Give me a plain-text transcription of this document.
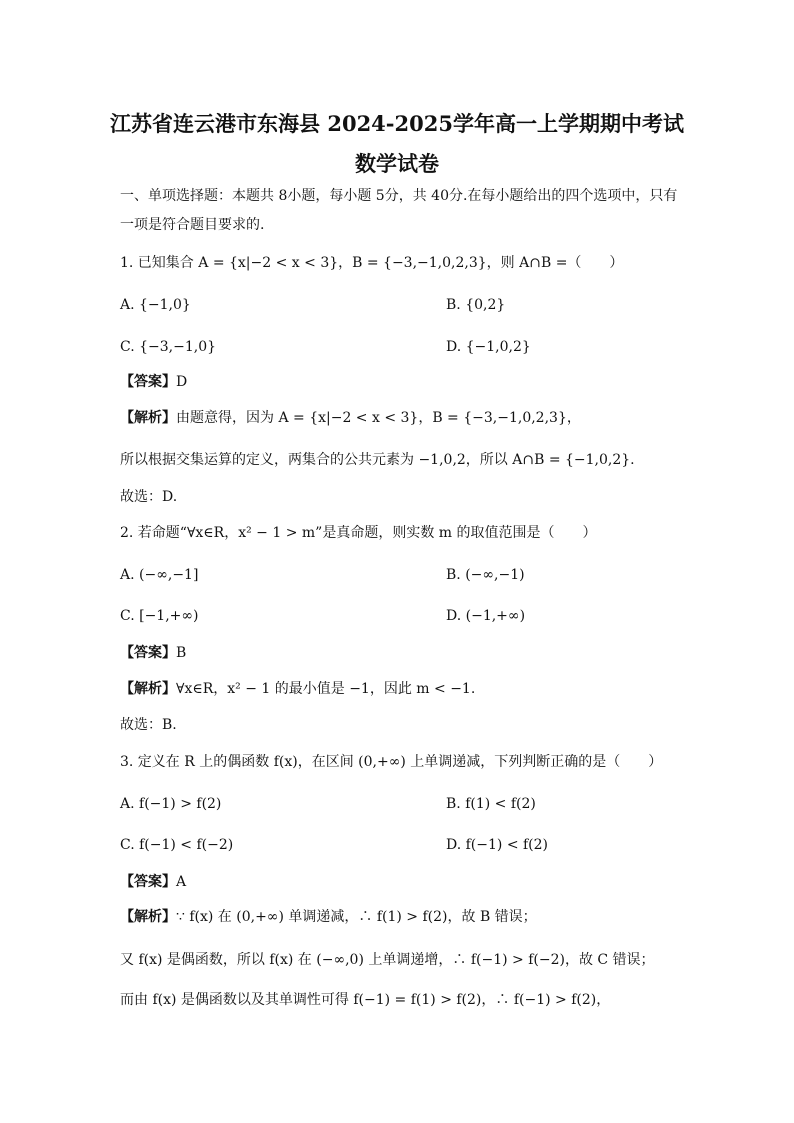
江苏省连云港市东海县 2024-2025学年高一上学期期中考试
数学试卷
一、单项选择题：本题共 8小题，每小题 5分，共 40分.在每小题给出的四个选项中，只有
一项是符合题目要求的.
1. 已知集合 A = {x|−2 < x < 3}，B = {−3,−1,0,2,3}，则 A∩B =（　　）
A. {−1,0}	B. {0,2}
C. {−3,−1,0}	D. {−1,0,2}
【答案】D
【解析】由题意得，因为 A = {x|−2 < x < 3}，B = {−3,−1,0,2,3}，
所以根据交集运算的定义，两集合的公共元素为 −1,0,2，所以 A∩B = {−1,0,2}.
故选：D.
2. 若命题“∀x∈R，x² − 1 > m”是真命题，则实数 m 的取值范围是（　　）
A. (−∞,−1]	B. (−∞,−1)
C. [−1,+∞)	D. (−1,+∞)
【答案】B
【解析】∀x∈R，x² − 1 的最小值是 −1，因此 m < −1.
故选：B.
3. 定义在 R 上的偶函数 f(x)，在区间 (0,+∞) 上单调递减，下列判断正确的是（　　）
A. f(−1) > f(2)	B. f(1) < f(2)
C. f(−1) < f(−2)	D. f(−1) < f(2)
【答案】A
【解析】∵ f(x) 在 (0,+∞) 单调递减，∴ f(1) > f(2)，故 B 错误；
又 f(x) 是偶函数，所以 f(x) 在 (−∞,0) 上单调递增，∴ f(−1) > f(−2)，故 C 错误；
而由 f(x) 是偶函数以及其单调性可得 f(−1) = f(1) > f(2)，∴ f(−1) > f(2)，
